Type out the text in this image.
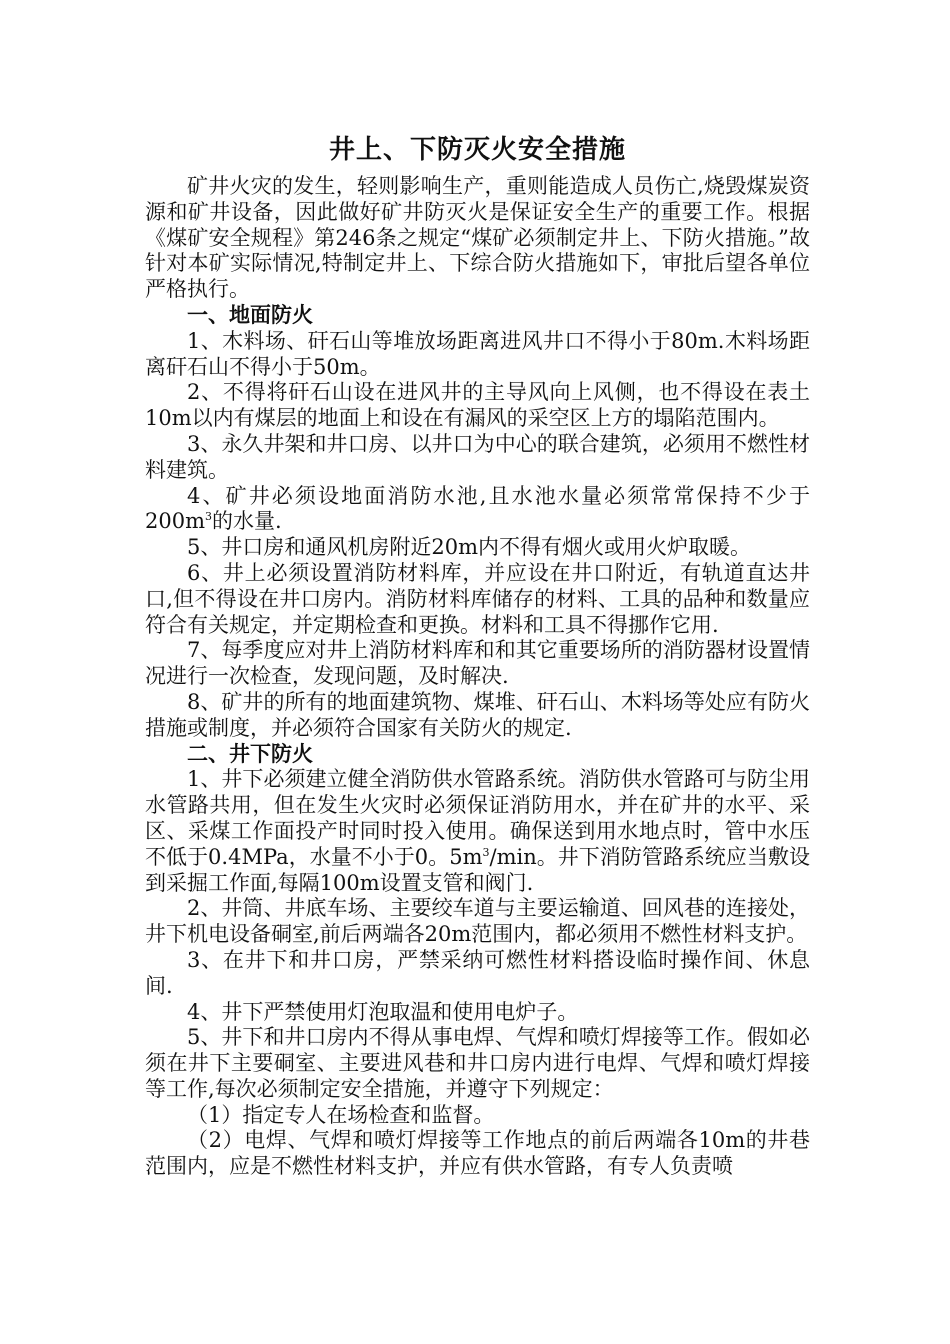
井上、下防灭火安全措施

矿井火灾的发生，轻则影响生产，重则能造成人员伤亡,烧毁煤炭资源和矿井设备，因此做好矿井防灭火是保证安全生产的重要工作。根据《煤矿安全规程》第246条之规定“煤矿必须制定井上、下防火措施。”故针对本矿实际情况,特制定井上、下综合防火措施如下，审批后望各单位严格执行。

一、地面防火

1、木料场、矸石山等堆放场距离进风井口不得小于80m.木料场距离矸石山不得小于50m。

2、不得将矸石山设在进风井的主导风向上风侧，也不得设在表土10m以内有煤层的地面上和设在有漏风的采空区上方的塌陷范围内。

3、永久井架和井口房、以井口为中心的联合建筑，必须用不燃性材料建筑。

4、矿井必须设地面消防水池,且水池水量必须常常保持不少于$200m^3$的水量.

5、井口房和通风机房附近20m内不得有烟火或用火炉取暖。

6、井上必须设置消防材料库，并应设在井口附近，有轨道直达井口,但不得设在井口房内。消防材料库储存的材料、工具的品种和数量应符合有关规定，并定期检查和更换。材料和工具不得挪作它用.

7、每季度应对井上消防材料库和和其它重要场所的消防器材设置情况进行一次检查，发现问题，及时解决.

8、矿井的所有的地面建筑物、煤堆、矸石山、木料场等处应有防火措施或制度，并必须符合国家有关防火的规定.

二、井下防火

1、井下必须建立健全消防供水管路系统。消防供水管路可与防尘用水管路共用，但在发生火灾时必须保证消防用水，并在矿井的水平、采区、采煤工作面投产时同时投入使用。确保送到用水地点时，管中水压不低于0.4MPa，水量不小于0。$5m^3/\min$。井下消防管路系统应当敷设到采掘工作面,每隔100m设置支管和阀门.

2、井筒、井底车场、主要绞车道与主要运输道、回风巷的连接处，井下机电设备硐室,前后两端各20m范围内，都必须用不燃性材料支护。

3、在井下和井口房，严禁采纳可燃性材料搭设临时操作间、休息间.

4、井下严禁使用灯泡取温和使用电炉子。

5、井下和井口房内不得从事电焊、气焊和喷灯焊接等工作。假如必须在井下主要硐室、主要进风巷和井口房内进行电焊、气焊和喷灯焊接等工作,每次必须制定安全措施，并遵守下列规定：

（1）指定专人在场检查和监督。

（2）电焊、气焊和喷灯焊接等工作地点的前后两端各10m的井巷范围内，应是不燃性材料支护，并应有供水管路，有专人负责喷
